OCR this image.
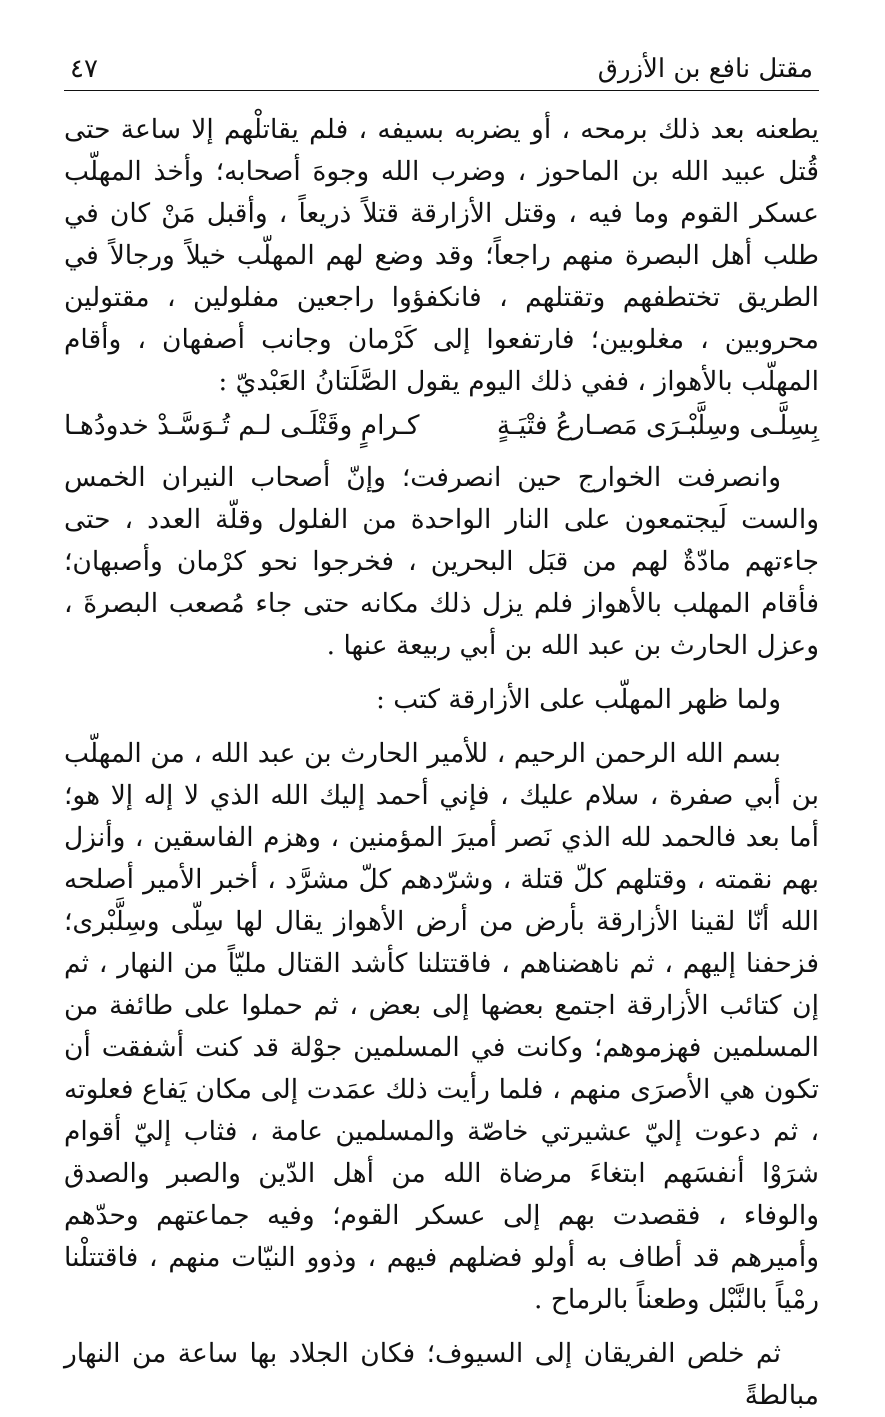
مقتل نافع بن الأزرق
٤٧

يطعنه بعد ذلك برمحه ، أو يضربه بسيفه ، فلم يقاتلْهم إلا ساعة حتى قُتل عبيد الله بن الماحوز ، وضرب الله وجوهَ أصحابه؛ وأخذ المهلّب عسكر القوم وما فيه ، وقتل الأزارقة قتلاً ذريعاً ، وأقبل مَنْ كان في طلب أهل البصرة منهم راجعاً؛ وقد وضع لهم المهلّب خيلاً ورجالاً في الطريق تختطفهم وتقتلهم ، فانكفؤوا راجعين مفلولين ، مقتولين محروبين ، مغلوبين؛ فارتفعوا إلى كَرْمان وجانب أصفهان ، وأقام المهلّب بالأهواز ، ففي ذلك اليوم يقول الصَّلَتانُ العَبْديّ :

بِسِلَّـى وسِلَّبْـرَى مَصـارعُ فتْيَـةٍ
كـرامٍ وقَتْلَـى لـم تُـوَسَّـدْ خدودُهـا

وانصرفت الخوارج حين انصرفت؛ وإنّ أصحاب النيران الخمس والست لَيجتمعون على النار الواحدة من الفلول وقلّة العدد ، حتى جاءتهم مادّةٌ لهم من قبَل البحرين ، فخرجوا نحو كرْمان وأصبهان؛ فأقام المهلب بالأهواز فلم يزل ذلك مكانه حتى جاء مُصعب البصرةَ ، وعزل الحارث بن عبد الله بن أبي ربيعة عنها .

ولما ظهر المهلّب على الأزارقة كتب :

بسم الله الرحمن الرحيم ، للأمير الحارث بن عبد الله ، من المهلّب بن أبي صفرة ، سلام عليك ، فإني أحمد إليك الله الذي لا إله إلا هو؛ أما بعد فالحمد لله الذي نَصر أميرَ المؤمنين ، وهزم الفاسقين ، وأنزل بهم نقمته ، وقتلهم كلّ قتلة ، وشرّدهم كلّ مشرَّد ، أخبر الأمير أصلحه الله أنّا لقينا الأزارقة بأرض من أرض الأهواز يقال لها سِلّى وسِلَّبْرى؛ فزحفنا إليهم ، ثم ناهضناهم ، فاقتتلنا كأشد القتال مليّاً من النهار ، ثم إن كتائب الأزارقة اجتمع بعضها إلى بعض ، ثم حملوا على طائفة من المسلمين فهزموهم؛ وكانت في المسلمين جوْلة قد كنت أشفقت أن تكون هي الأصرَى منهم ، فلما رأيت ذلك عمَدت إلى مكان يَفاع فعلوته ، ثم دعوت إليّ عشيرتي خاصّة والمسلمين عامة ، فثاب إليّ أقوام شرَوْا أنفسَهم ابتغاءَ مرضاة الله من أهل الدّين والصبر والصدق والوفاء ، فقصدت بهم إلى عسكر القوم؛ وفيه جماعتهم وحدّهم وأميرهم قد أطاف به أولو فضلهم فيهم ، وذوو النيّات منهم ، فاقتتلْنا رمْياً بالنَّبْل وطعناً بالرماح .

ثم خلص الفريقان إلى السيوف؛ فكان الجلاد بها ساعة من النهار مبالطةً
